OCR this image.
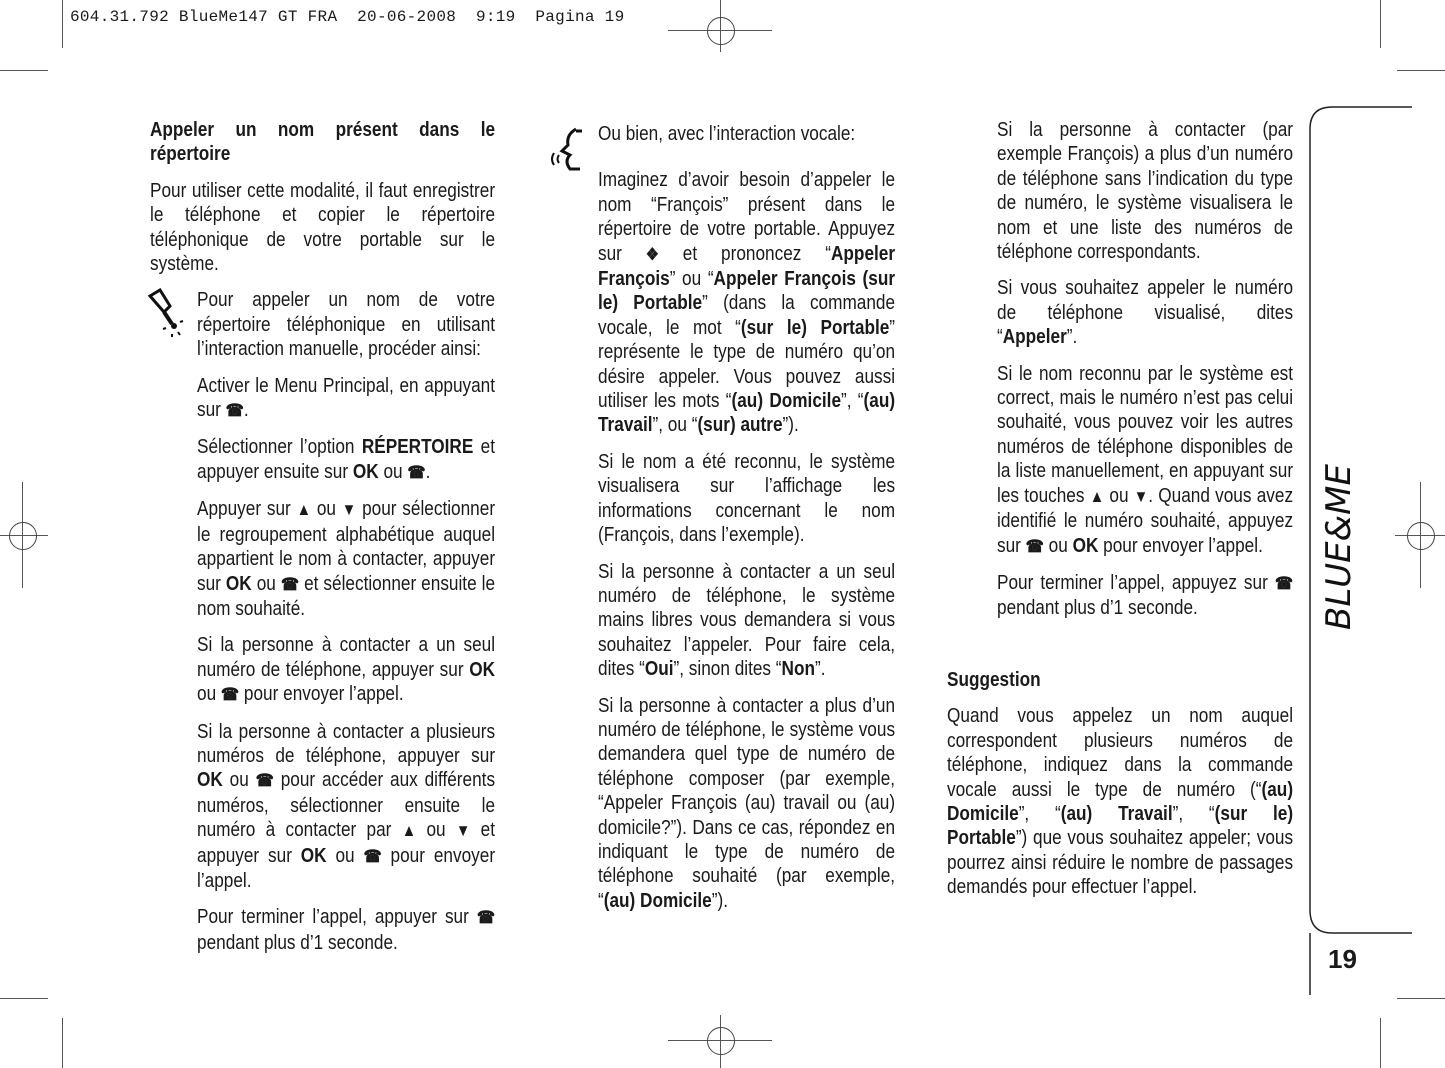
604.31.792 BlueMe147 GT FRA  20-06-2008  9:19  Pagina 19
BLUE&ME
19
Appeler un nom présent dans le répertoire

Pour utiliser cette modalité, il faut enregistrer le téléphone et copier le répertoire téléphonique de votre portable sur le système.

Pour appeler un nom de votre répertoire téléphonique en utilisant l’interaction manuelle, procéder ainsi:

Activer le Menu Principal, en appuyant sur ☎.

Sélectionner l’option RÉPERTOIRE et appuyer ensuite sur OK ou ☎.

Appuyer sur ▲ ou ▼ pour sélectionner le regroupement alphabétique auquel appartient le nom à contacter, appuyer sur OK ou ☎ et sélectionner ensuite le nom souhaité.

Si la personne à contacter a un seul numéro de téléphone, appuyer sur OK ou ☎ pour envoyer l’appel.

Si la personne à contacter a plusieurs numéros de téléphone, appuyer sur OK ou ☎ pour accéder aux différents numéros, sélectionner ensuite le numéro à contacter par ▲ ou ▼ et appuyer sur OK ou ☎ pour envoyer l’appel.

Pour terminer l’appel, appuyer sur ☎ pendant plus d’1 seconde.

Ou bien, avec l’interaction vocale:

Imaginez d’avoir besoin d’appeler le nom “François” présent dans le répertoire de votre portable. Appuyez sur ❖ et prononcez “Appeler François” ou “Appeler François (sur le) Portable” (dans la commande vocale, le mot “(sur le) Portable” représente le type de numéro qu’on désire appeler. Vous pouvez aussi utiliser les mots “(au) Domicile”, “(au) Travail”, ou “(sur) autre”).

Si le nom a été reconnu, le système visualisera sur l’affichage les informations concernant le nom (François, dans l’exemple).

Si la personne à contacter a un seul numéro de téléphone, le système mains libres vous demandera si vous souhaitez l’appeler. Pour faire cela, dites “Oui”, sinon dites “Non”.

Si la personne à contacter a plus d’un numéro de téléphone, le système vous demandera quel type de numéro de téléphone composer (par exemple, “Appeler François (au) travail ou (au) domicile?”). Dans ce cas, répondez en indiquant le type de numéro de téléphone souhaité (par exemple, “(au) Domicile”).

Si la personne à contacter (par exemple François) a plus d’un numéro de téléphone sans l’indication du type de numéro, le système visualisera le nom et une liste des numéros de téléphone correspondants.

Si vous souhaitez appeler le numéro de téléphone visualisé, dites “Appeler”.

Si le nom reconnu par le système est correct, mais le numéro n’est pas celui souhaité, vous pouvez voir les autres numéros de téléphone disponibles de la liste manuellement, en appuyant sur les touches ▲ ou ▼. Quand vous avez identifié le numéro souhaité, appuyez sur ☎ ou OK pour envoyer l’appel.

Pour terminer l’appel, appuyez sur ☎ pendant plus d’1 seconde.

Suggestion

Quand vous appelez un nom auquel correspondent plusieurs numéros de téléphone, indiquez dans la commande vocale aussi le type de numéro (“(au) Domicile”, “(au) Travail”, “(sur le) Portable”) que vous souhaitez appeler; vous pourrez ainsi réduire le nombre de passages demandés pour effectuer l’appel.
